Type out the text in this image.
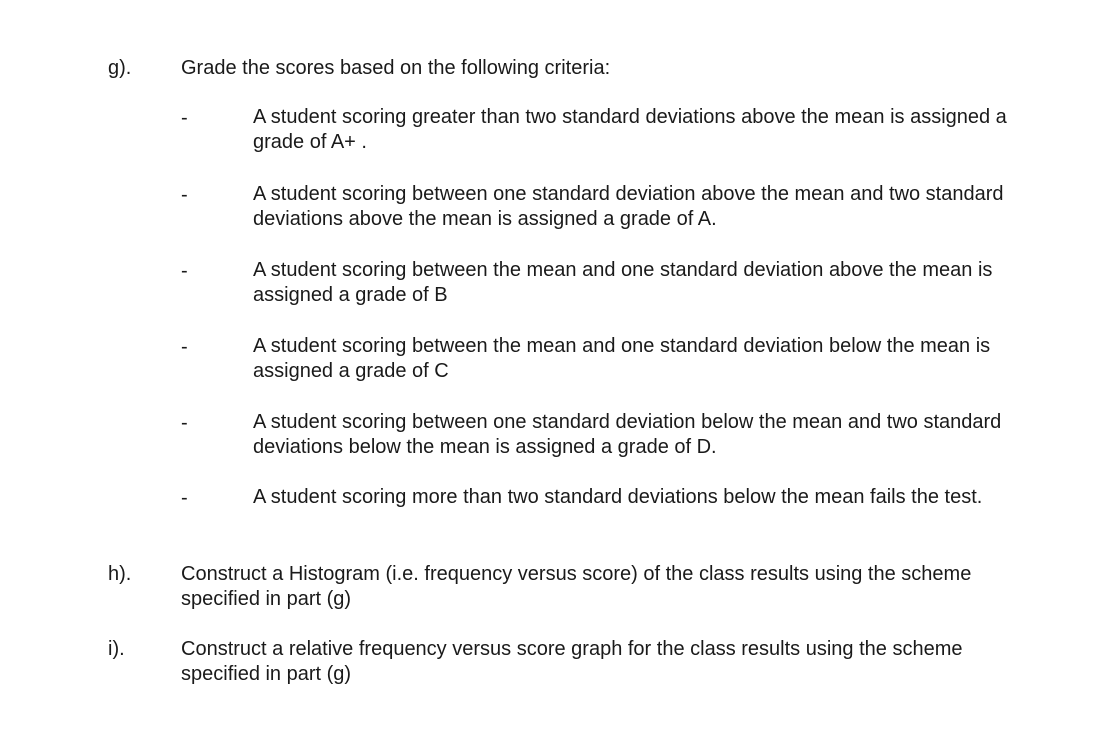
g). Grade the scores based on the following criteria:
-	A student scoring greater than two standard deviations above the mean is assigned a
grade of A+ .
-	A student scoring between one standard deviation above the mean and two standard
deviations above the mean is assigned a grade of A.
-	A student scoring between the mean and one standard deviation above the mean is
assigned a grade of B
-	A student scoring between the mean and one standard deviation below the mean is
assigned a grade of C
-	A student scoring between one standard deviation below the mean and two standard
deviations below the mean is assigned a grade of D.
-	A student scoring more than two standard deviations below the mean fails the test.
h). Construct a Histogram (i.e. frequency versus score) of the class results using the scheme
specified in part (g)
i).	Construct a relative frequency versus score graph for the class results using the scheme
specified in part (g)
